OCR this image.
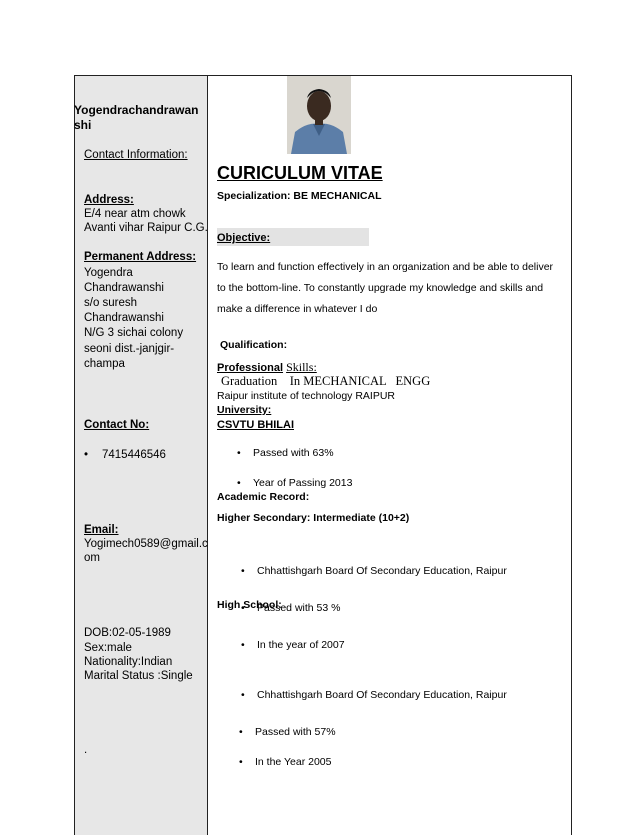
Yogendrachandrawanshi
Contact Information:
Address:
E/4 near atm chowk
Avanti vihar Raipur C.G.
Permanent Address:
Yogendra
Chandrawanshi
s/o suresh
Chandrawanshi
N/G 3 sichai colony
seoni dist.-janjgir-
champa
Contact No:
• 7415446546
Email:
Yogimech0589@gmail.c
om
DOB:02-05-1989
Sex:male
Nationality:Indian
Marital Status :Single
.
CURICULUM VITAE
Specialization: BE MECHANICAL
Objective:
To learn and function effectively in an organization and be able to deliver
to the bottom-line. To constantly upgrade my knowledge and skills and
make a difference in whatever I do
Qualification:
Professional Skills:
Graduation    In MECHANICAL   ENGG
Raipur institute of technology RAIPUR
University:
CSVTU BHILAI
• Passed with 63%
• Year of Passing 2013
Academic Record:
Higher Secondary: Intermediate (10+2)
• Chhattishgarh Board Of Secondary Education, Raipur
• Passed with 53 %
• In the year of 2007
High School:
• Chhattishgarh Board Of Secondary Education, Raipur
• Passed with 57%
• In the Year 2005
